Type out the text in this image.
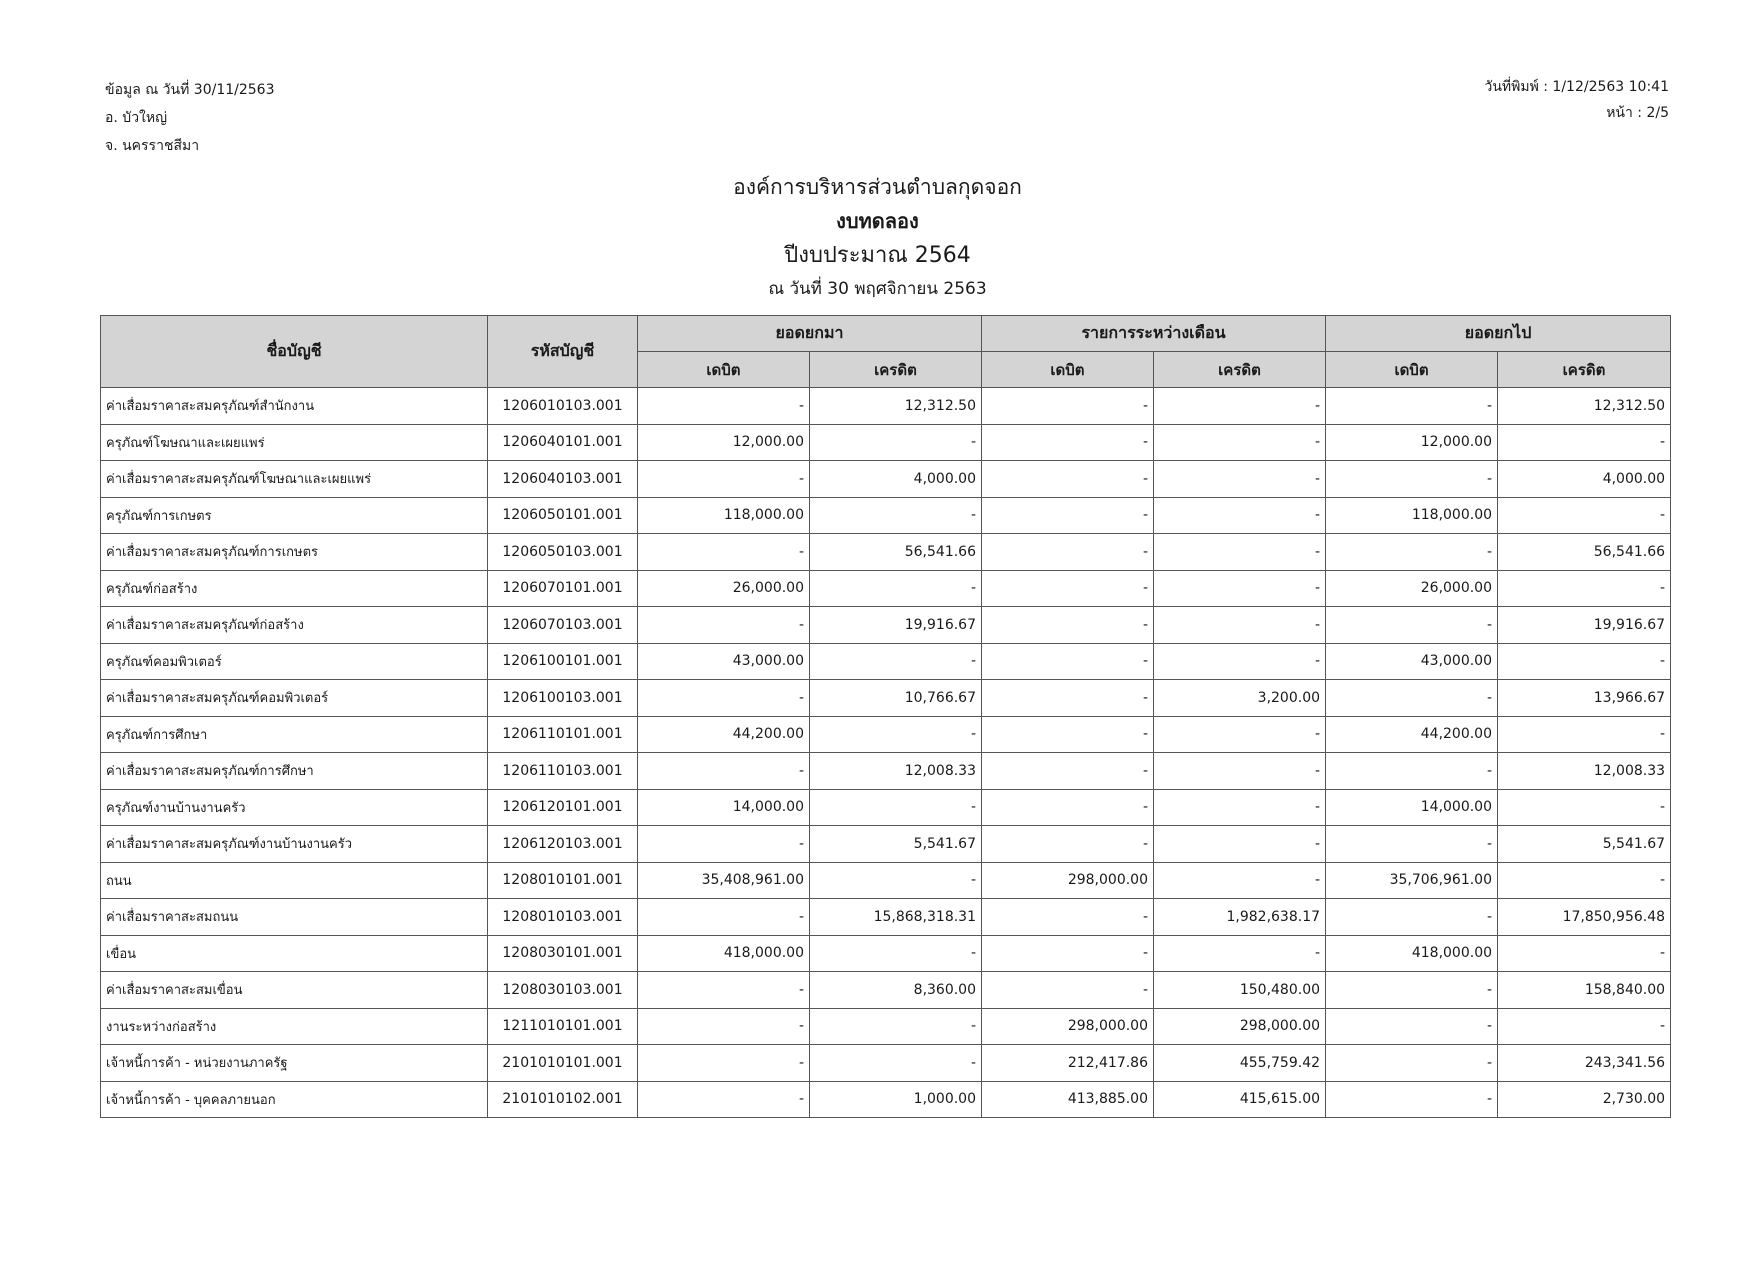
ข้อมูล ณ วันที่ 30/11/2563
อ. บัวใหญ่
จ. นครราชสีมา
วันที่พิมพ์ : 1/12/2563 10:41
หน้า : 2/5
องค์การบริหารส่วนตำบลกุดจอก
งบทดลอง
ปีงบประมาณ 2564
ณ วันที่ 30 พฤศจิกายน 2563
ชื่อบัญชี	รหัสบัญชี	ยอดยกมา		รายการระหว่างเดือน		ยอดยกไป	
		เดบิต	เครดิต	เดบิต	เครดิต	เดบิต	เครดิต
ค่าเสื่อมราคาสะสมครุภัณฑ์สำนักงาน	1206010103.001	-	12,312.50	-	-	-	12,312.50
ครุภัณฑ์โฆษณาและเผยแพร่	1206040101.001	12,000.00	-	-	-	12,000.00	-
ค่าเสื่อมราคาสะสมครุภัณฑ์โฆษณาและเผยแพร่	1206040103.001	-	4,000.00	-	-	-	4,000.00
ครุภัณฑ์การเกษตร	1206050101.001	118,000.00	-	-	-	118,000.00	-
ค่าเสื่อมราคาสะสมครุภัณฑ์การเกษตร	1206050103.001	-	56,541.66	-	-	-	56,541.66
ครุภัณฑ์ก่อสร้าง	1206070101.001	26,000.00	-	-	-	26,000.00	-
ค่าเสื่อมราคาสะสมครุภัณฑ์ก่อสร้าง	1206070103.001	-	19,916.67	-	-	-	19,916.67
ครุภัณฑ์คอมพิวเตอร์	1206100101.001	43,000.00	-	-	-	43,000.00	-
ค่าเสื่อมราคาสะสมครุภัณฑ์คอมพิวเตอร์	1206100103.001	-	10,766.67	-	3,200.00	-	13,966.67
ครุภัณฑ์การศึกษา	1206110101.001	44,200.00	-	-	-	44,200.00	-
ค่าเสื่อมราคาสะสมครุภัณฑ์การศึกษา	1206110103.001	-	12,008.33	-	-	-	12,008.33
ครุภัณฑ์งานบ้านงานครัว	1206120101.001	14,000.00	-	-	-	14,000.00	-
ค่าเสื่อมราคาสะสมครุภัณฑ์งานบ้านงานครัว	1206120103.001	-	5,541.67	-	-	-	5,541.67
ถนน	1208010101.001	35,408,961.00	-	298,000.00	-	35,706,961.00	-
ค่าเสื่อมราคาสะสมถนน	1208010103.001	-	15,868,318.31	-	1,982,638.17	-	17,850,956.48
เขื่อน	1208030101.001	418,000.00	-	-	-	418,000.00	-
ค่าเสื่อมราคาสะสมเขื่อน	1208030103.001	-	8,360.00	-	150,480.00	-	158,840.00
งานระหว่างก่อสร้าง	1211010101.001	-	-	298,000.00	298,000.00	-	-
เจ้าหนี้การค้า - หน่วยงานภาครัฐ	2101010101.001	-	-	212,417.86	455,759.42	-	243,341.56
เจ้าหนี้การค้า - บุคคลภายนอก	2101010102.001	-	1,000.00	413,885.00	415,615.00	-	2,730.00
